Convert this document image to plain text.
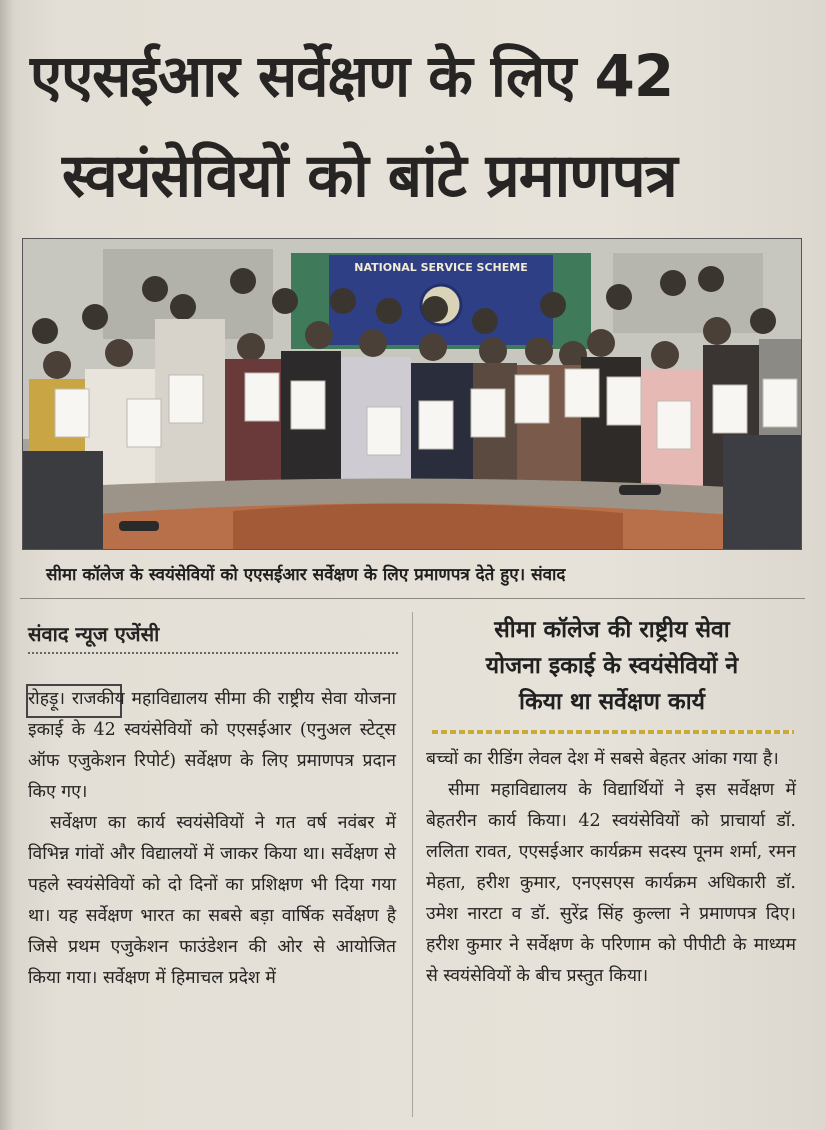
एएसईआर सर्वेक्षण के लिए 42
स्वयंसेवियों को बांटे प्रमाणपत्र
NATIONAL SERVICE SCHEME
सीमा कॉलेज के स्वयंसेवियों को एएसईआर सर्वेक्षण के लिए प्रमाणपत्र देते हुए। संवाद
संवाद न्यूज एजेंसी

रोहड़ू। राजकीय महाविद्यालय सीमा की राष्ट्रीय सेवा योजना इकाई के 42 स्वयंसेवियों को एएसईआर (एनुअल स्टेट्स ऑफ एजुकेशन रिपोर्ट) सर्वेक्षण के लिए प्रमाणपत्र प्रदान किए गए।

सर्वेक्षण का कार्य स्वयंसेवियों ने गत वर्ष नवंबर में विभिन्न गांवों और विद्यालयों में जाकर किया था। सर्वेक्षण से पहले स्वयंसेवियों को दो दिनों का प्रशिक्षण भी दिया गया था। यह सर्वेक्षण भारत का सबसे बड़ा वार्षिक सर्वेक्षण है जिसे प्रथम एजुकेशन फाउंडेशन की ओर से आयोजित किया गया। सर्वेक्षण में हिमाचल प्रदेश में

सीमा कॉलेज की राष्ट्रीय सेवा
योजना इकाई के स्वयंसेवियों ने
किया था सर्वेक्षण कार्य

बच्चों का रीडिंग लेवल देश में सबसे बेहतर आंका गया है।

सीमा महाविद्यालय के विद्यार्थियों ने इस सर्वेक्षण में बेहतरीन कार्य किया। 42 स्वयंसेवियों को प्राचार्या डॉ. ललिता रावत, एएसईआर कार्यक्रम सदस्य पूनम शर्मा, रमन मेहता, हरीश कुमार, एनएसएस कार्यक्रम अधिकारी डॉ. उमेश नारटा व डॉ. सुरेंद्र सिंह कुल्ला ने प्रमाणपत्र दिए। हरीश कुमार ने सर्वेक्षण के परिणाम को पीपीटी के माध्यम से स्वयंसेवियों के बीच प्रस्तुत किया।
